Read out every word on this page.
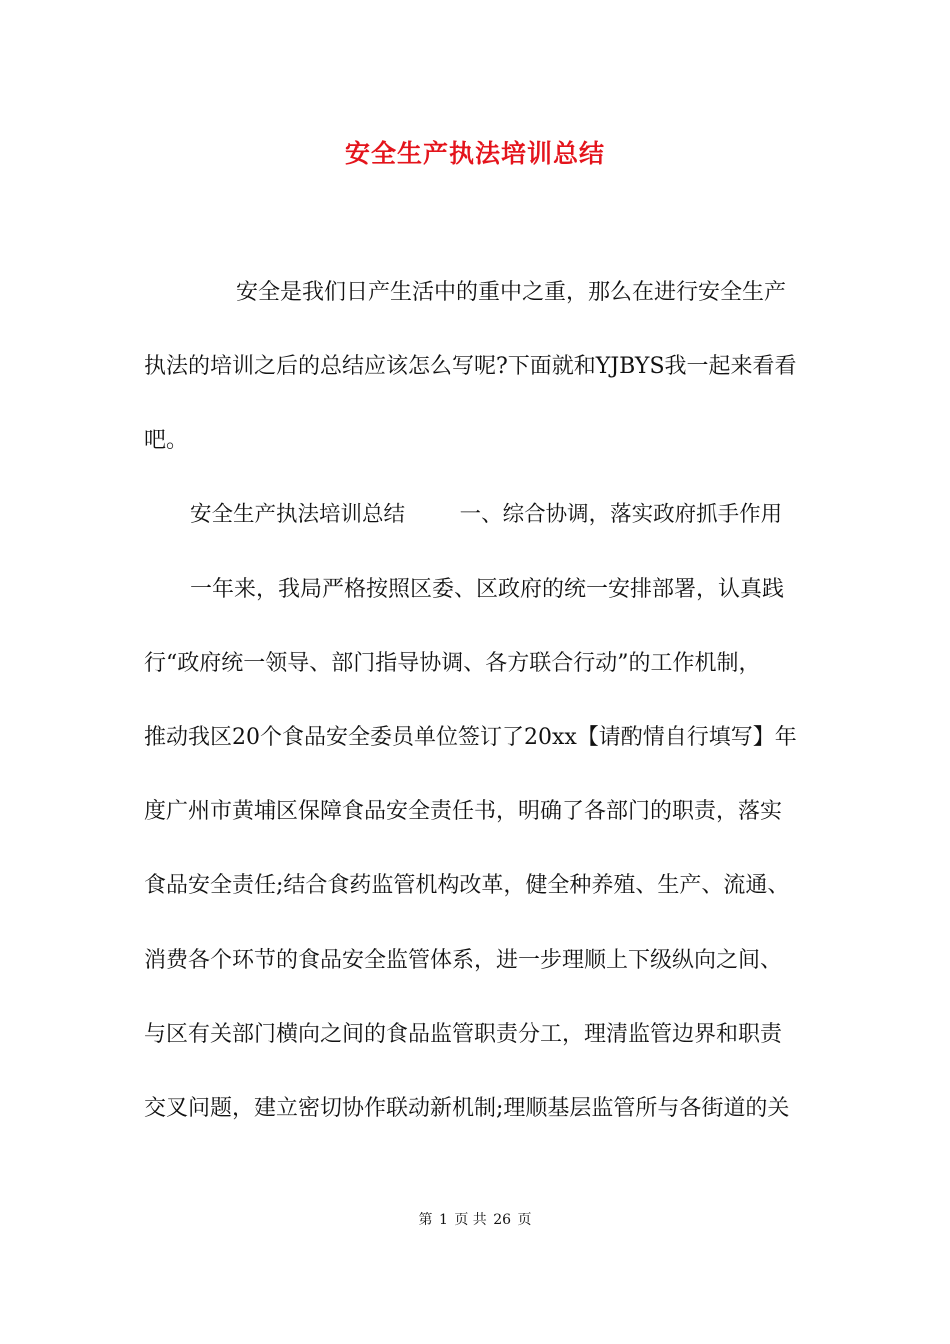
安全生产执法培训总结

安全是我们日产生活中的重中之重，那么在进行安全生产

执法的培训之后的总结应该怎么写呢?下面就和YJBYS我一起来看看

吧。

安全生产执法培训总结        一、综合协调，落实政府抓手作用

一年来，我局严格按照区委、区政府的统一安排部署，认真践

行“政府统一领导、部门指导协调、各方联合行动”的工作机制，

推动我区20个食品安全委员单位签订了20xx【请酌情自行填写】年

度广州市黄埔区保障食品安全责任书，明确了各部门的职责，落实

食品安全责任;结合食药监管机构改革，健全种养殖、生产、流通、

消费各个环节的食品安全监管体系，进一步理顺上下级纵向之间、

与区有关部门横向之间的食品监管职责分工，理清监管边界和职责

交叉问题，建立密切协作联动新机制;理顺基层监管所与各街道的关

第 1 页 共 26 页
